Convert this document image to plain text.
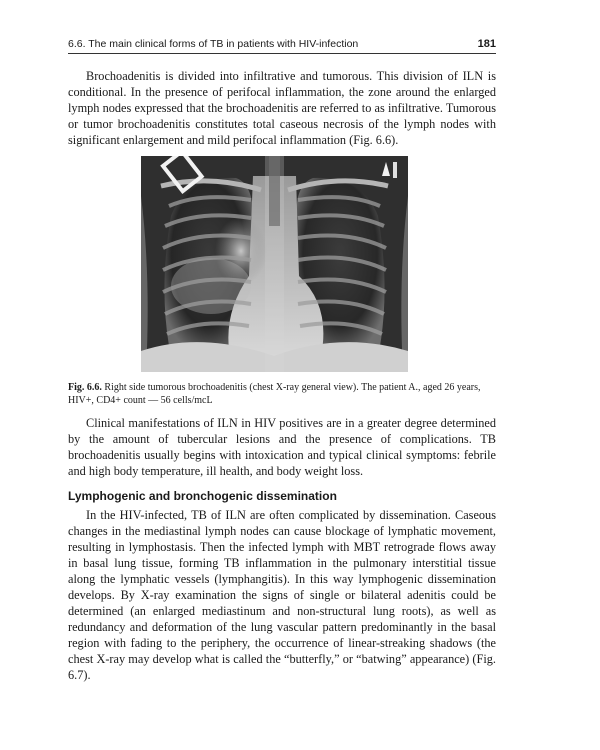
6.6. The main clinical forms of TB in patients with HIV-infection	181

Brochoadenitis is divided into infiltrative and tumorous. This division of ILN is conditional. In the presence of perifocal inflammation, the zone around the enlarged lymph nodes expressed that the brochoadenitis are referred to as infiltrative. Tumorous or tumor brochoadenitis constitutes total caseous necrosis of the lymph nodes with significant enlargement and mild perifocal inflammation (Fig. 6.6).

Fig. 6.6. Right side tumorous brochoadenitis (chest X-ray general view). The patient A., aged 26 years, HIV+, CD4+ count — 56 cells/mcL

Clinical manifestations of ILN in HIV positives are in a greater degree determined by the amount of tubercular lesions and the presence of complications. TB brochoadenitis usually begins with intoxication and typical clinical symptoms: febrile and high body temperature, ill health, and body weight loss.

Lymphogenic and bronchogenic dissemination

In the HIV-infected, TB of ILN are often complicated by dissemination. Caseous changes in the mediastinal lymph nodes can cause blockage of lymphatic movement, resulting in lymphostasis. Then the infected lymph with MBT retrograde flows away in basal lung tissue, forming TB inflammation in the pulmonary interstitial tissue along the lymphatic vessels (lymphangitis). In this way lymphogenic dissemination develops. By X-ray examination the signs of single or bilateral adenitis could be determined (an enlarged mediastinum and non-structural lung roots), as well as redundancy and deformation of the lung vascular pattern predominantly in the basal region with fading to the periphery, the occurrence of linear-streaking shadows (the chest X-ray may develop what is called the “butterfly,” or “batwing” appearance) (Fig. 6.7).
